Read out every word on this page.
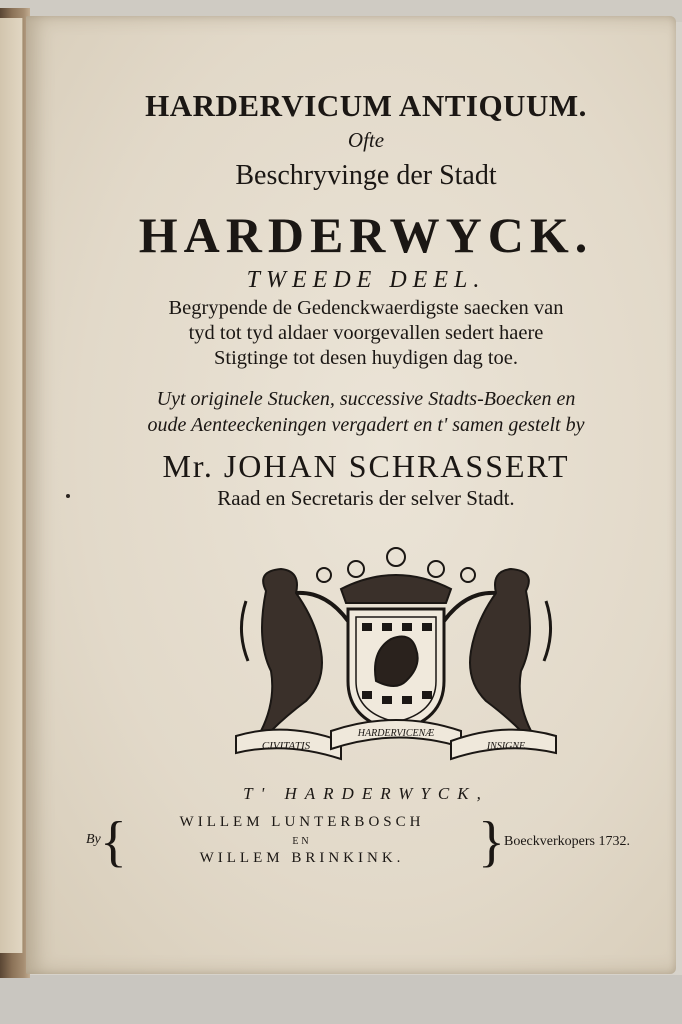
HARDERVICUM ANTIQUUM.
Ofte
Beschryvinge der Stadt
HARDERWYCK.
TWEEDE DEEL.
Begrypende de Gedenckwaerdigste saecken van
tyd tot tyd aldaer voorgevallen sedert haere
Stigtinge tot desen huydigen dag toe.
Uyt originele Stucken, successive Stadts-Boecken en
oude Aenteeckeningen vergadert en t' samen gestelt by
Mr. JOHAN SCHRASSERT
Raad en Secretaris der selver Stadt.
CIVITATIS
HARDERVICENÆ
INSIGNE
T' HARDERWYCK,
By {	WILLEM LUNTERBOSCH
EN
WILLEM BRINKINK.	} Boeckverkopers 1732.
